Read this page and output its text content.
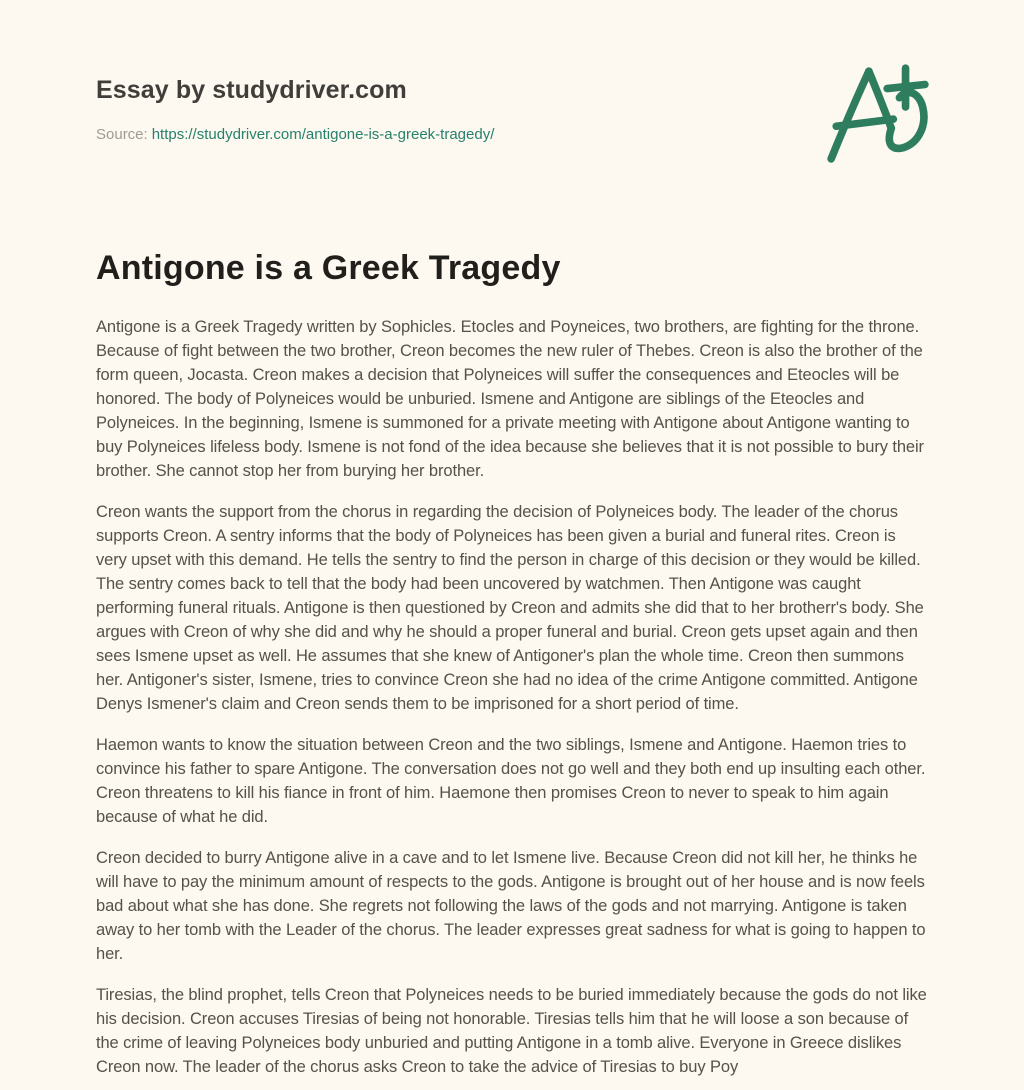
Essay by studydriver.com
Source: https://studydriver.com/antigone-is-a-greek-tragedy/
Antigone is a Greek Tragedy

Antigone is a Greek Tragedy written by Sophicles. Etocles and Poyneices, two brothers, are fighting for the throne. Because of fight between the two brother, Creon becomes the new ruler of Thebes. Creon is also the brother of the form queen, Jocasta. Creon makes a decision that Polyneices will suffer the consequences and Eteocles will be honored. The body of Polyneices would be unburied. Ismene and Antigone are siblings of the Eteocles and Polyneices. In the beginning, Ismene is summoned for a private meeting with Antigone about Antigone wanting to buy Polyneices lifeless body. Ismene is not fond of the idea because she believes that it is not possible to bury their brother. She cannot stop her from burying her brother.

Creon wants the support from the chorus in regarding the decision of Polyneices body. The leader of the chorus supports Creon. A sentry informs that the body of Polyneices has been given a burial and funeral rites. Creon is very upset with this demand. He tells the sentry to find the person in charge of this decision or they would be killed. The sentry comes back to tell that the body had been uncovered by watchmen. Then Antigone was caught performing funeral rituals. Antigone is then questioned by Creon and admits she did that to her brotherr's body. She argues with Creon of why she did and why he should a proper funeral and burial. Creon gets upset again and then sees Ismene upset as well. He assumes that she knew of Antigoner's plan the whole time. Creon then summons her. Antigoner's sister, Ismene, tries to convince Creon she had no idea of the crime Antigone committed. Antigone Denys Ismener's claim and Creon sends them to be imprisoned for a short period of time.

Haemon wants to know the situation between Creon and the two siblings, Ismene and Antigone. Haemon tries to convince his father to spare Antigone. The conversation does not go well and they both end up insulting each other. Creon threatens to kill his fiance in front of him. Haemone then promises Creon to never to speak to him again because of what he did.

Creon decided to burry Antigone alive in a cave and to let Ismene live. Because Creon did not kill her, he thinks he will have to pay the minimum amount of respects to the gods. Antigone is brought out of her house and is now feels bad about what she has done. She regrets not following the laws of the gods and not marrying. Antigone is taken away to her tomb with the Leader of the chorus. The leader expresses great sadness for what is going to happen to her.

Tiresias, the blind prophet, tells Creon that Polyneices needs to be buried immediately because the gods do not like his decision. Creon accuses Tiresias of being not honorable. Tiresias tells him that he will loose a son because of the crime of leaving Polyneices body unburied and putting Antigone in a tomb alive. Everyone in Greece dislikes Creon now. The leader of the chorus asks Creon to take the advice of Tiresias to buy Poy
